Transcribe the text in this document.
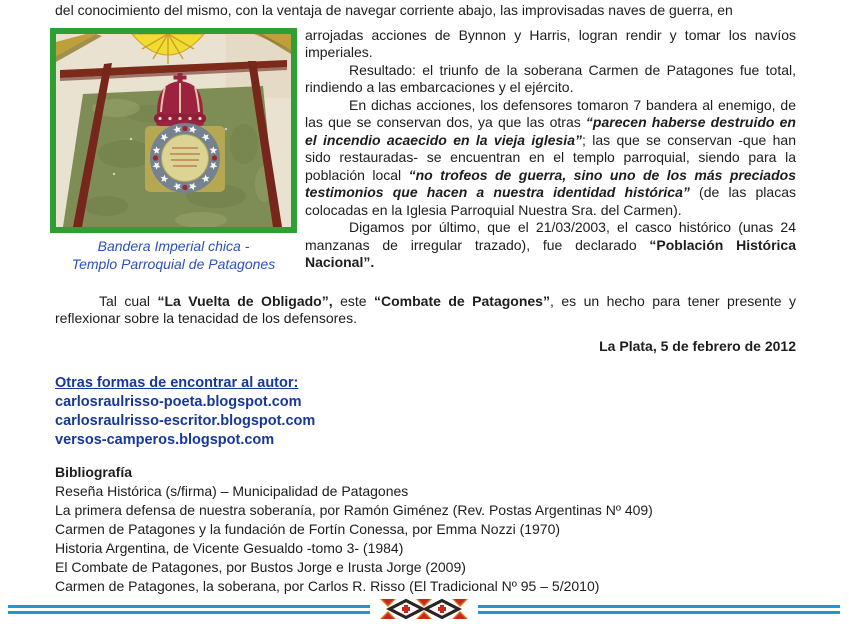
del conocimiento del mismo, con la ventaja de navegar corriente abajo, las improvisadas naves de guerra, en

Bandera Imperial chica -
Templo Parroquial de Patagones

arrojadas acciones de Bynnon y Harris, logran rendir y tomar los navíos imperiales.

Resultado: el triunfo de la soberana Carmen de Patagones fue total, rindiendo a las embarcaciones y el ejército.

En dichas acciones, los defensores tomaron 7 bandera al enemigo, de las que se conservan dos, ya que las otras “parecen haberse destruido en el incendio acaecido en la vieja iglesia”; las que se conservan -que han sido restauradas- se encuentran en el templo parroquial, siendo para la población local “no trofeos de guerra, sino uno de los más preciados testimonios que hacen a nuestra identidad histórica” (de las placas colocadas en la Iglesia Parroquial Nuestra Sra. del Carmen).

Digamos por último, que el 21/03/2003, el casco histórico (unas 24 manzanas de irregular trazado), fue declarado “Población Histórica Nacional”.

Tal cual “La Vuelta de Obligado”, este “Combate de Patagones”, es un hecho para tener presente y reflexionar sobre la tenacidad de los defensores.

La Plata, 5 de febrero de 2012

Otras formas de encontrar al autor:

carlosraulrisso-poeta.blogspot.com

carlosraulrisso-escritor.blogspot.com

versos-camperos.blogspot.com

Bibliografía

Reseña Histórica (s/firma) – Municipalidad de Patagones

La primera defensa de nuestra soberanía, por Ramón Giménez (Rev. Postas Argentinas Nº 409)

Carmen de Patagones y la fundación de Fortín Conessa, por Emma Nozzi (1970)

Historia Argentina, de Vicente Gesualdo -tomo 3- (1984)

El Combate de Patagones, por Bustos Jorge e Irusta Jorge (2009)

Carmen de Patagones, la soberana, por Carlos R. Risso (El Tradicional Nº 95 – 5/2010)
